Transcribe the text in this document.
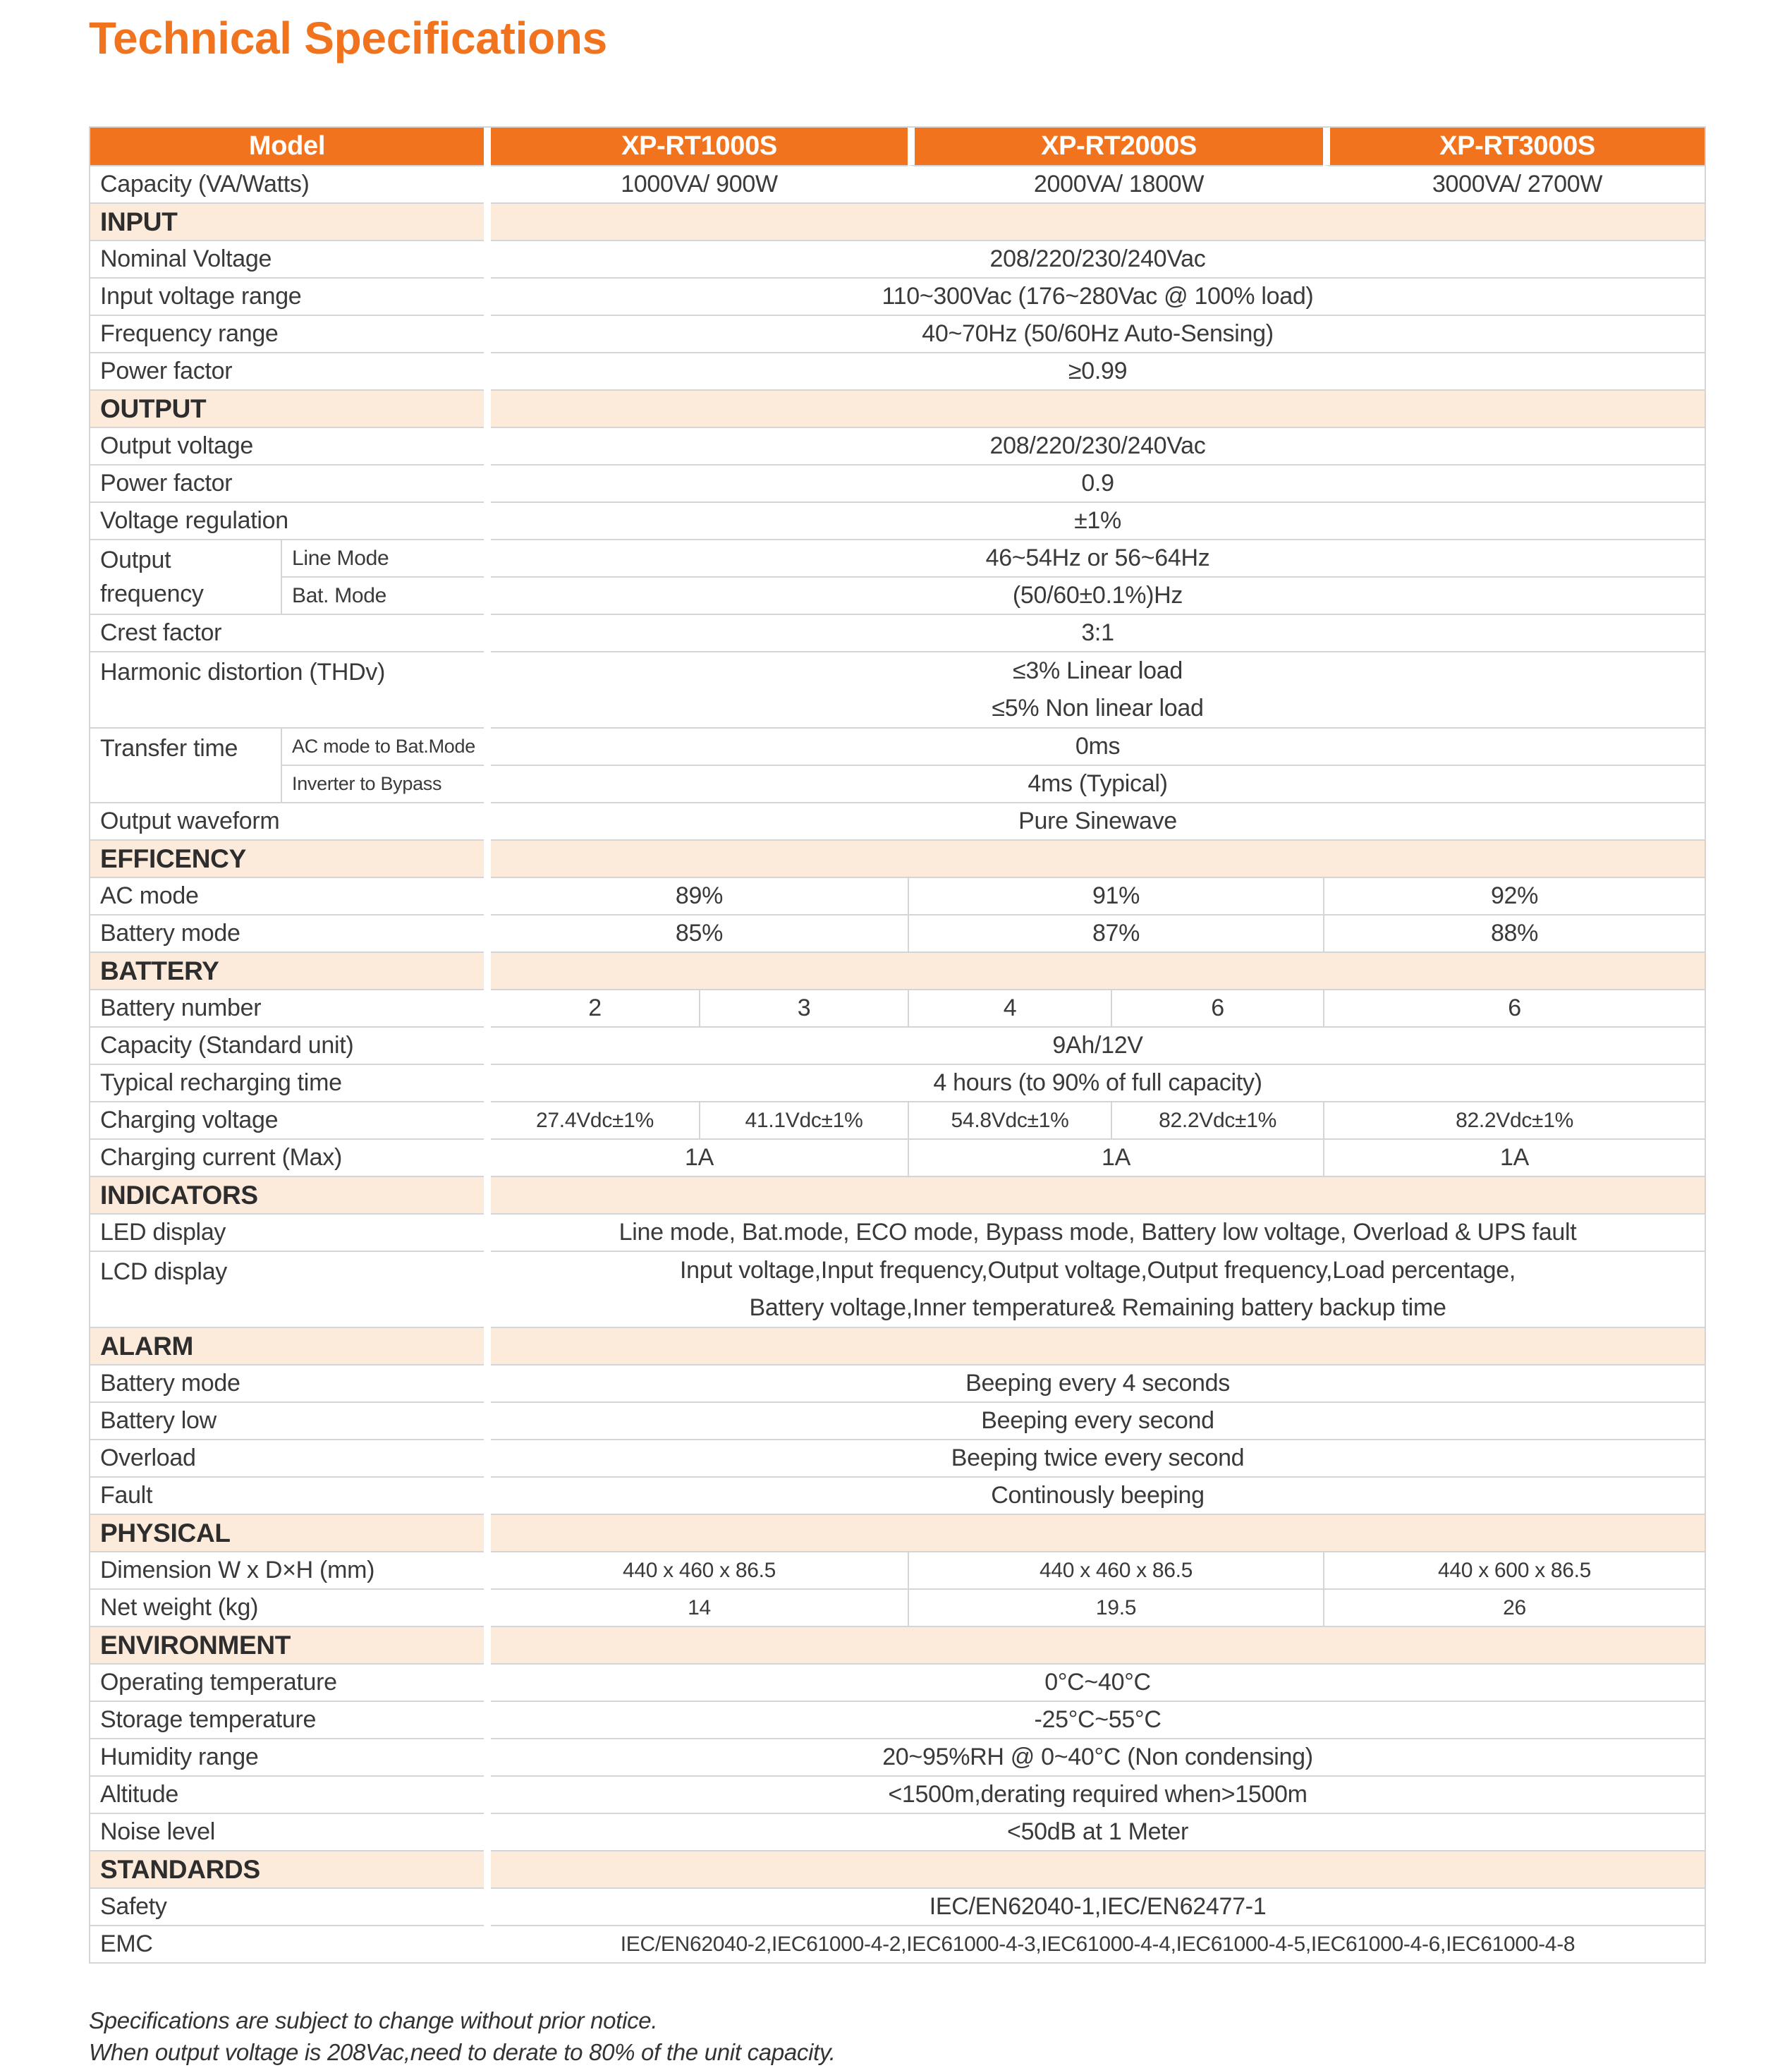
Technical Specifications
Model			XP-RT1000S		XP-RT2000S		XP-RT3000S
Capacity (VA/Watts)			1000VA/ 900W		2000VA/ 1800W		3000VA/ 2700W
INPUT							
Nominal Voltage			208/220/230/240Vac				
Input voltage range			110~300Vac (176~280Vac @ 100% load)				
Frequency range			40~70Hz (50/60Hz Auto-Sensing)				
Power factor			≥0.99				
OUTPUT							
Output voltage			208/220/230/240Vac				
Power factor			0.9				
Voltage regulation			±1%				
Output frequency	Line Mode		46~54Hz or 56~64Hz				
	Bat. Mode		(50/60±0.1%)Hz				
Crest factor			3:1				
Harmonic distortion (THDv)			≤3% Linear load
≤5% Non linear load				

Transfer time	AC mode to Bat.Mode		0ms				
	Inverter to Bypass		4ms (Typical)				
Output waveform			Pure Sinewave				
EFFICENCY							
AC mode			89%		91%		92%
Battery mode			85%		87%		88%
BATTERY							
Battery number			2	3	4	6	6
Capacity (Standard unit)			9Ah/12V				
Typical recharging time			4 hours (to 90% of full capacity)				
Charging voltage			27.4Vdc±1%	41.1Vdc±1%	54.8Vdc±1%	82.2Vdc±1%	82.2Vdc±1%
Charging current (Max)			1A		1A		1A
INDICATORS							
LED display			Line mode, Bat.mode, ECO mode, Bypass mode, Battery low voltage, Overload & UPS fault				
LCD display			Input voltage,Input frequency,Output voltage,Output frequency,Load percentage,
Battery voltage,Inner temperature& Remaining battery backup time				

ALARM							
Battery mode			Beeping every 4 seconds				
Battery low			Beeping every second				
Overload			Beeping twice every second				
Fault			Continously beeping				
PHYSICAL							
Dimension W x D×H (mm)			440 x 460 x 86.5		440 x 460 x 86.5		440 x 600 x 86.5
Net weight (kg)			14		19.5		26
ENVIRONMENT							
Operating temperature			0°C~40°C				
Storage temperature			-25°C~55°C				
Humidity range			20~95%RH @ 0~40°C (Non condensing)				
Altitude			<1500m,derating required when>1500m				
Noise level			<50dB at 1 Meter				
STANDARDS							
Safety			IEC/EN62040-1,IEC/EN62477-1				
EMC			IEC/EN62040-2,IEC61000-4-2,IEC61000-4-3,IEC61000-4-4,IEC61000-4-5,IEC61000-4-6,IEC61000-4-8				
Specifications are subject to change without prior notice.
When output voltage is 208Vac,need to derate to 80% of the unit capacity.
